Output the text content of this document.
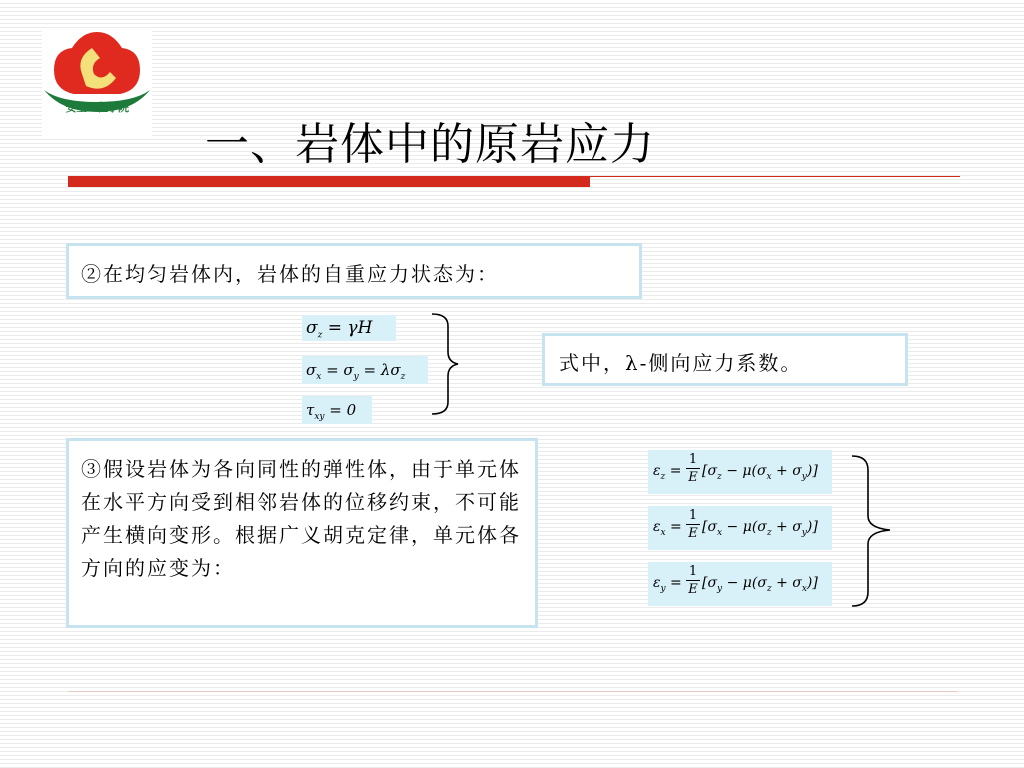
安全工程学院
一、岩体中的原岩应力
②在均匀岩体内，岩体的自重应力状态为：
$\sigma_z = \gamma H$
$\sigma_x = \sigma_y = \lambda\sigma_z$
$\tau_{xy} = 0$
式中，λ-侧向应力系数。
③假设岩体为各向同性的弹性体，由于单元体在水平方向受到相邻岩体的位移约束，不可能产生横向变形。根据广义胡克定律，单元体各方向的应变为：
$\varepsilon_z$ =
1
E $[\sigma_z - \mu(\sigma_x + \sigma_y)]$
$\varepsilon_x$ =
1
E $[\sigma_x - \mu(\sigma_z + \sigma_y)]$
$\varepsilon_y$ =
1
E $[\sigma_y - \mu(\sigma_z + \sigma_x)]$
